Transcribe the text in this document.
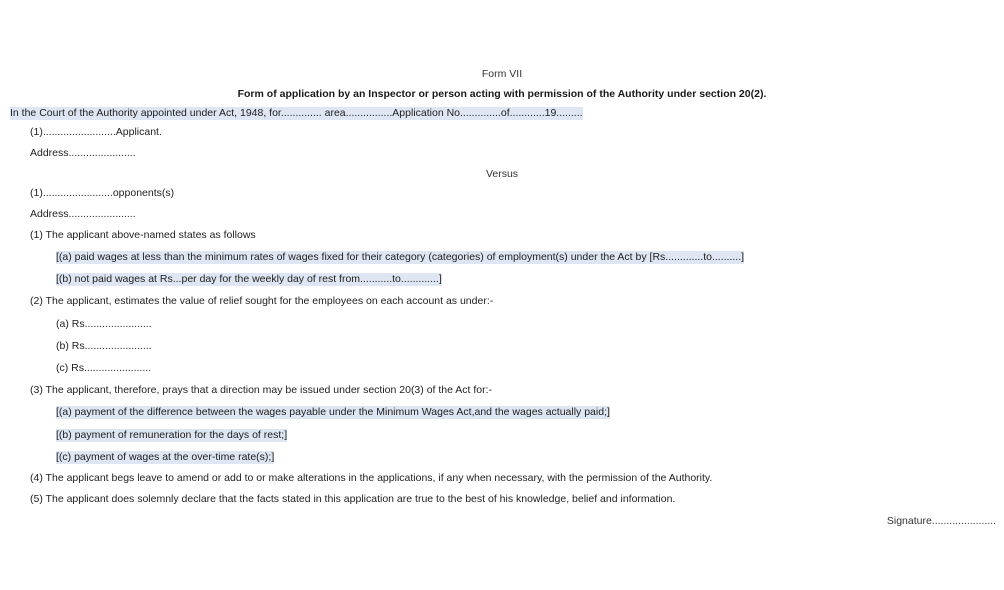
Form VII
Form of application by an Inspector or person acting with permission of the Authority under section 20(2).
In the Court of the Authority appointed under Act, 1948, for.............. area................Application No..............of............19.........
(1).........................Applicant.
Address.......................
Versus
(1)........................opponents(s)
Address.......................
(1) The applicant above-named states as follows
[(a) paid wages at less than the minimum rates of wages fixed for their category (categories) of employment(s) under the Act by [Rs.............to..........]
[(b) not paid wages at Rs...per day for the weekly day of rest from...........to.............]
(2) The applicant, estimates the value of relief sought for the employees on each account as under:-
(a) Rs.......................
(b) Rs.......................
(c) Rs.......................
(3) The applicant, therefore, prays that a direction may be issued under section 20(3) of the Act for:-
[(a) payment of the difference between the wages payable under the Minimum Wages Act,and the wages actually paid;]
[(b) payment of remuneration for the days of rest;]
[(c) payment of wages at the over-time rate(s);]
(4) The applicant begs leave to amend or add to or make alterations in the applications, if any when necessary, with the permission of the Authority.
(5) The applicant does solemnly declare that the facts stated in this application are true to the best of his knowledge, belief and information.
Signature......................
